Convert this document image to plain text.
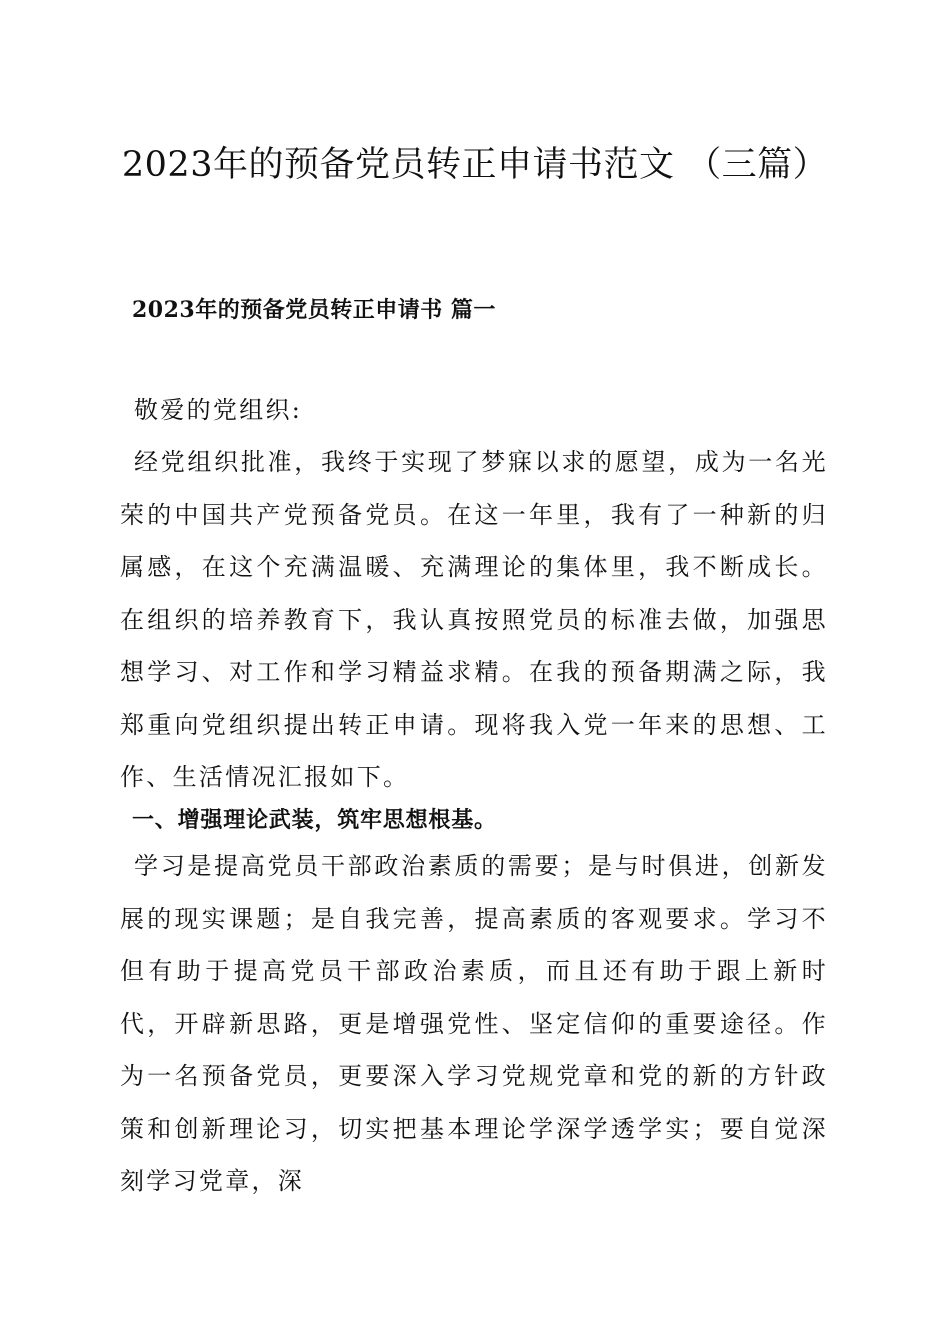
2023年的预备党员转正申请书范文 （三篇）
2023年的预备党员转正申请书 篇一

敬爱的党组织:

经党组织批准，我终于实现了梦寐以求的愿望，成为一名光荣的中国共产党预备党员。在这一年里，我有了一种新的归属感，在这个充满温暖、充满理论的集体里，我不断成长。在组织的培养教育下，我认真按照党员的标准去做，加强思想学习、对工作和学习精益求精。在我的预备期满之际，我郑重向党组织提出转正申请。现将我入党一年来的思想、工作、生活情况汇报如下。

一、增强理论武装，筑牢思想根基。

学习是提高党员干部政治素质的需要；是与时俱进，创新发展的现实课题；是自我完善，提高素质的客观要求。学习不但有助于提高党员干部政治素质，而且还有助于跟上新时代，开辟新思路，更是增强党性、坚定信仰的重要途径。作为一名预备党员，更要深入学习党规党章和党的新的方针政策和创新理论习，切实把基本理论学深学透学实；要自觉深刻学习党章，深
